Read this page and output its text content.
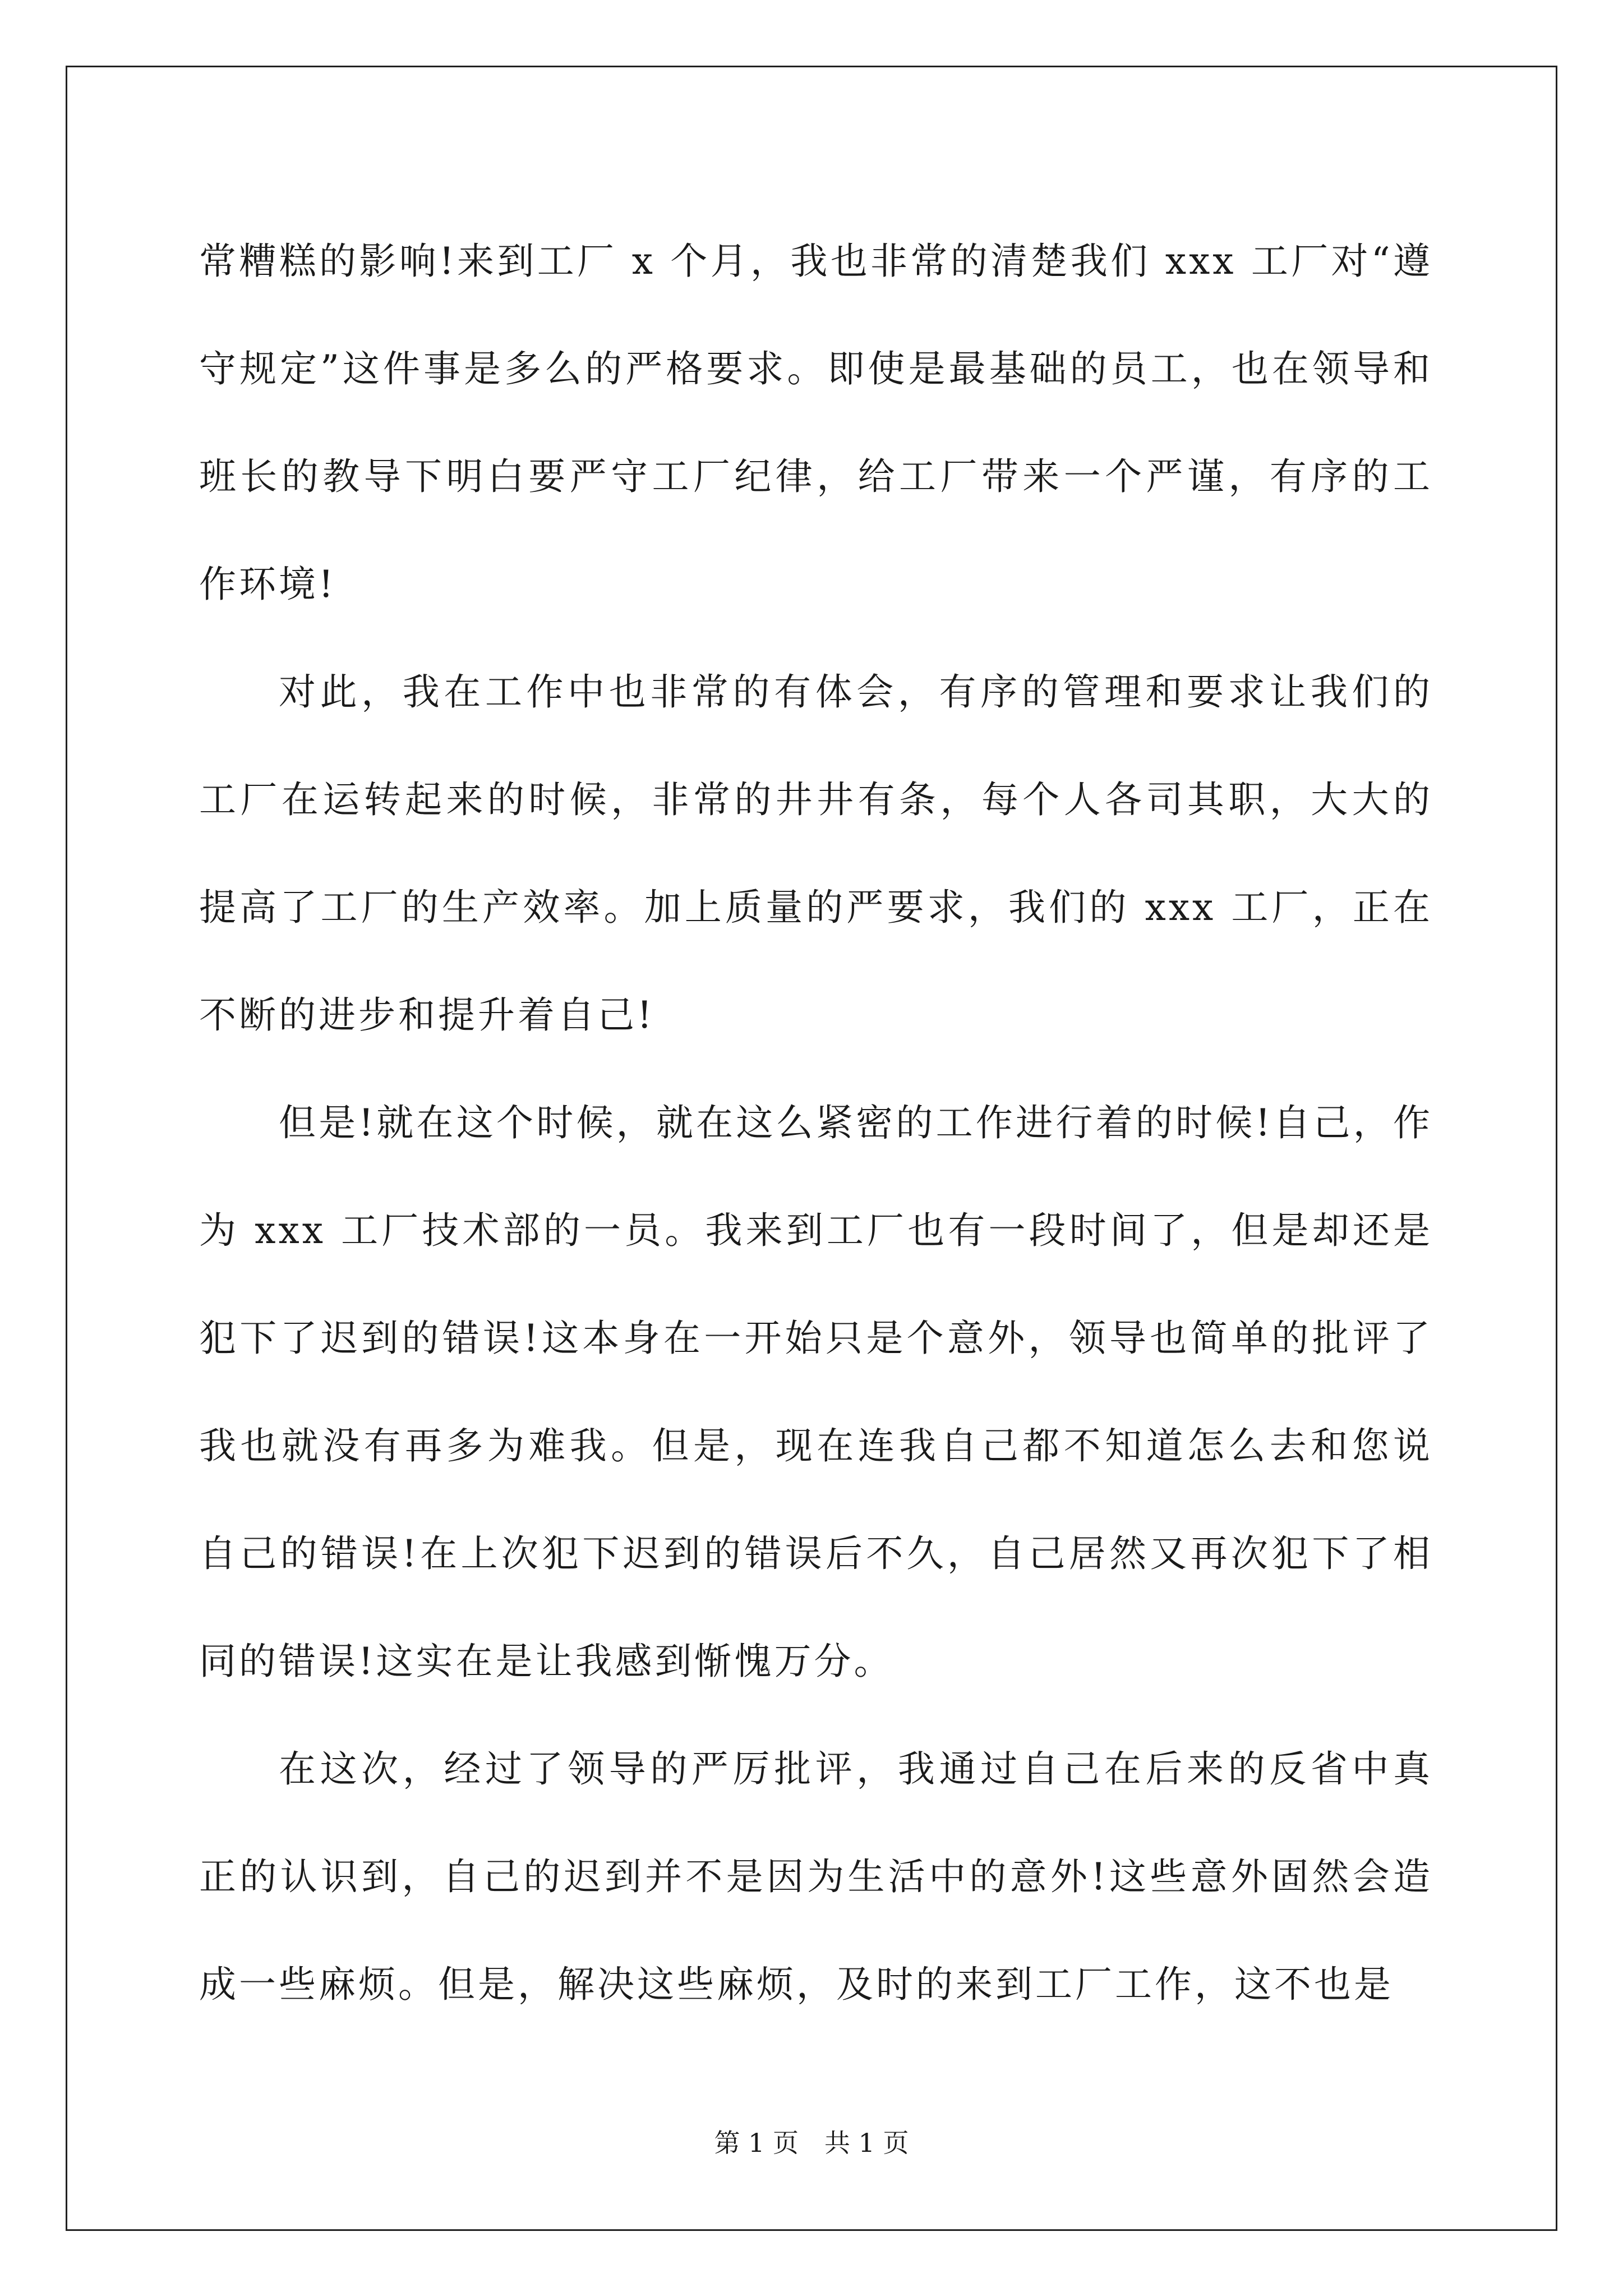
常糟糕的影响!来到工厂 x 个月，我也非常的清楚我们 xxx 工厂对“遵守规定”这件事是多么的严格要求。即使是最基础的员工，也在领导和班长的教导下明白要严守工厂纪律，给工厂带来一个严谨，有序的工作环境!

对此，我在工作中也非常的有体会，有序的管理和要求让我们的工厂在运转起来的时候，非常的井井有条，每个人各司其职，大大的提高了工厂的生产效率。加上质量的严要求，我们的 xxx 工厂，正在不断的进步和提升着自己!

但是!就在这个时候，就在这么紧密的工作进行着的时候!自己，作为 xxx 工厂技术部的一员。我来到工厂也有一段时间了，但是却还是犯下了迟到的错误!这本身在一开始只是个意外，领导也简单的批评了我也就没有再多为难我。但是，现在连我自己都不知道怎么去和您说自己的错误!在上次犯下迟到的错误后不久，自己居然又再次犯下了相同的错误!这实在是让我感到惭愧万分。

在这次，经过了领导的严厉批评，我通过自己在后来的反省中真正的认识到，自己的迟到并不是因为生活中的意外!这些意外固然会造成一些麻烦。但是，解决这些麻烦，及时的来到工厂工作，这不也是

第 1 页　共 1 页
